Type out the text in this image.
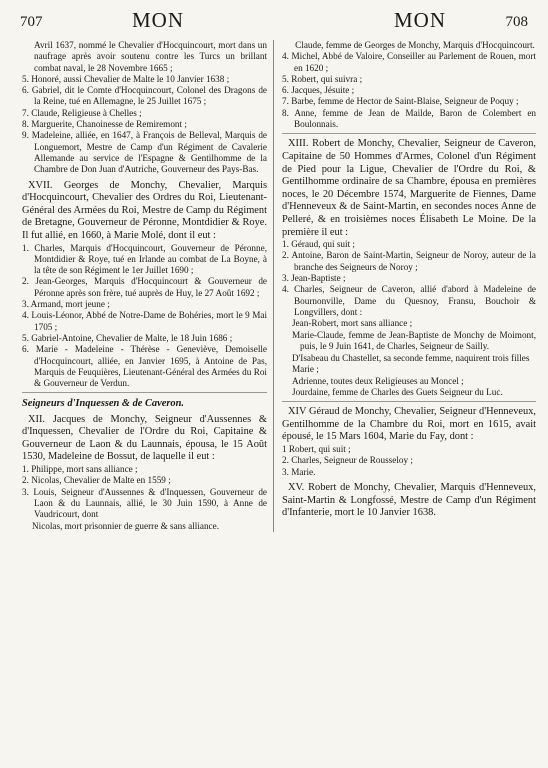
707	MON	MON	708

Avril 1637, nommé le Chevalier d'Hocquincourt, mort dans un naufrage après avoir soutenu contre les Turcs un brillant combat naval, le 28 Novembre 1665 ;

5. Honoré, aussi Chevalier de Malte le 10 Janvier 1638 ;

6. Gabriel, dit le Comte d'Hocquincourt, Colonel des Dragons de la Reine, tué en Allemagne, le 25 Juillet 1675 ;

7. Claude, Religieuse à Chelles ;

8. Marguerite, Chanoinesse de Remiremont ;

9. Madeleine, alliée, en 1647, à François de Belleval, Marquis de Longuemort, Mestre de Camp d'un Régiment de Cavalerie Allemande au service de l'Espagne & Gentilhomme de la Chambre de Don Juan d'Autriche, Gouverneur des Pays-Bas.

XVII. Georges de Monchy, Chevalier, Marquis d'Hocquincourt, Chevalier des Ordres du Roi, Lieutenant-Général des Armées du Roi, Mestre de Camp du Régiment de Bretagne, Gouverneur de Péronne, Montdidier & Roye. Il fut allié, en 1660, à Marie Molé, dont il eut :

1. Charles, Marquis d'Hocquincourt, Gouverneur de Péronne, Montdidier & Roye, tué en Irlande au combat de La Boyne, à la tête de son Régiment le 1er Juillet 1690 ;

2. Jean-Georges, Marquis d'Hocquincourt & Gouverneur de Péronne après son frère, tué auprès de Huy, le 27 Août 1692 ;

3. Armand, mort jeune ;

4. Louis-Léonor, Abbé de Notre-Dame de Bohéries, mort le 9 Mai 1705 ;

5. Gabriel-Antoine, Chevalier de Malte, le 18 Juin 1686 ;

6. Marie - Madeleine - Thérèse - Geneviève, Demoiselle d'Hocquincourt, alliée, en Janvier 1695, à Antoine de Pas, Marquis de Feuquières, Lieutenant-Général des Armées du Roi & Gouverneur de Verdun.

Seigneurs d'Inquessen & de Caveron.

XII. Jacques de Monchy, Seigneur d'Aussennes & d'Inquessen, Chevalier de l'Ordre du Roi, Capitaine & Gouverneur de Laon & du Launnais, épousa, le 15 Août 1530, Madeleine de Bossut, de laquelle il eut :

1. Philippe, mort sans alliance ;

2. Nicolas, Chevalier de Malte en 1559 ;

3. Louis, Seigneur d'Aussennes & d'Inquessen, Gouverneur de Laon & du Launnais, allié, le 30 Juin 1590, à Anne de Vaudricourt, dont

Nicolas, mort prisonnier de guerre & sans alliance.

Claude, femme de Georges de Monchy, Marquis d'Hocquincourt.

4. Michel, Abbé de Valoire, Conseiller au Parlement de Rouen, mort en 1620 ;

5. Robert, qui suivra ;

6. Jacques, Jésuite ;

7. Barbe, femme de Hector de Saint-Blaise, Seigneur de Poquy ;

8. Anne, femme de Jean de Mailde, Baron de Colembert en Boulonnais.

XIII. Robert de Monchy, Chevalier, Seigneur de Caveron, Capitaine de 50 Hommes d'Armes, Colonel d'un Régiment de Pied pour la Ligue, Chevalier de l'Ordre du Roi, & Gentilhomme ordinaire de sa Chambre, épousa en premières noces, le 20 Décembre 1574, Marguerite de Fiennes, Dame d'Henneveux & de Saint-Martin, en secondes noces Anne de Pelleré, & en troisièmes noces Élisabeth Le Moine. De la première il eut :

1. Géraud, qui suit ;

2. Antoine, Baron de Saint-Martin, Seigneur de Noroy, auteur de la branche des Seigneurs de Noroy ;

3. Jean-Baptiste ;

4. Charles, Seigneur de Caveron, allié d'abord à Madeleine de Bournonville, Dame du Quesnoy, Fransu, Bouchoir & Longvillers, dont :

Jean-Robert, mort sans alliance ;

Marie-Claude, femme de Jean-Baptiste de Monchy de Moimont, puis, le 9 Juin 1641, de Charles, Seigneur de Sailly.

D'Isabeau du Chastellet, sa seconde femme, naquirent trois filles

Marie ;

Adrienne, toutes deux Religieuses au Moncel ;

Jourdaine, femme de Charles des Guets Seigneur du Luc.

XIV Géraud de Monchy, Chevalier, Seigneur d'Henneveux, Gentilhomme de la Chambre du Roi, mort en 1615, avait épousé, le 15 Mars 1604, Marie du Fay, dont :

1 Robert, qui suit ;

2. Charles, Seigneur de Rousseloy ;

3. Marie.

XV. Robert de Monchy, Chevalier, Marquis d'Henneveux, Saint-Martin & Longfossé, Mestre de Camp d'un Régiment d'Infanterie, mort le 10 Janvier 1638.
